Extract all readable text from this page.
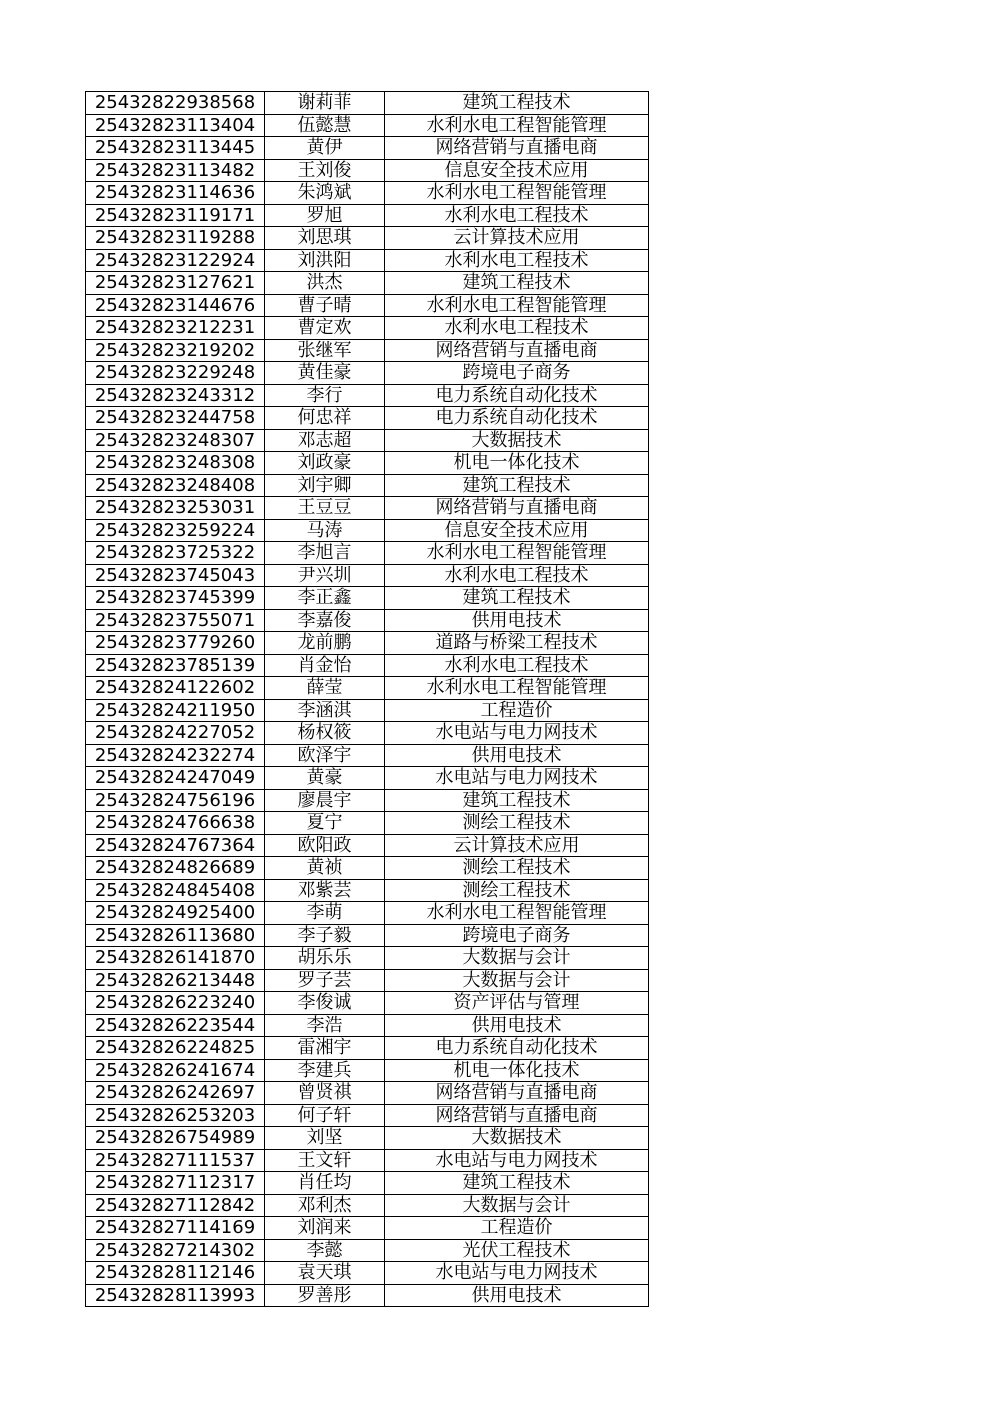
25432822938568	谢莉菲	建筑工程技术
25432823113404	伍懿慧	水利水电工程智能管理
25432823113445	黄伊	网络营销与直播电商
25432823113482	王刘俊	信息安全技术应用
25432823114636	朱鸿斌	水利水电工程智能管理
25432823119171	罗旭	水利水电工程技术
25432823119288	刘思琪	云计算技术应用
25432823122924	刘洪阳	水利水电工程技术
25432823127621	洪杰	建筑工程技术
25432823144676	曹子晴	水利水电工程智能管理
25432823212231	曹定欢	水利水电工程技术
25432823219202	张继军	网络营销与直播电商
25432823229248	黄佳豪	跨境电子商务
25432823243312	李行	电力系统自动化技术
25432823244758	何忠祥	电力系统自动化技术
25432823248307	邓志超	大数据技术
25432823248308	刘政豪	机电一体化技术
25432823248408	刘宇卿	建筑工程技术
25432823253031	王豆豆	网络营销与直播电商
25432823259224	马涛	信息安全技术应用
25432823725322	李旭言	水利水电工程智能管理
25432823745043	尹兴圳	水利水电工程技术
25432823745399	李正鑫	建筑工程技术
25432823755071	李嘉俊	供用电技术
25432823779260	龙前鹏	道路与桥梁工程技术
25432823785139	肖金怡	水利水电工程技术
25432824122602	薛莹	水利水电工程智能管理
25432824211950	李涵淇	工程造价
25432824227052	杨权筱	水电站与电力网技术
25432824232274	欧泽宇	供用电技术
25432824247049	黄豪	水电站与电力网技术
25432824756196	廖晨宇	建筑工程技术
25432824766638	夏宁	测绘工程技术
25432824767364	欧阳政	云计算技术应用
25432824826689	黄祯	测绘工程技术
25432824845408	邓紫芸	测绘工程技术
25432824925400	李萌	水利水电工程智能管理
25432826113680	李子毅	跨境电子商务
25432826141870	胡乐乐	大数据与会计
25432826213448	罗子芸	大数据与会计
25432826223240	李俊诚	资产评估与管理
25432826223544	李浩	供用电技术
25432826224825	雷湘宇	电力系统自动化技术
25432826241674	李建兵	机电一体化技术
25432826242697	曾贤祺	网络营销与直播电商
25432826253203	何子轩	网络营销与直播电商
25432826754989	刘坚	大数据技术
25432827111537	王文轩	水电站与电力网技术
25432827112317	肖任均	建筑工程技术
25432827112842	邓利杰	大数据与会计
25432827114169	刘润来	工程造价
25432827214302	李懿	光伏工程技术
25432828112146	袁天琪	水电站与电力网技术
25432828113993	罗善彤	供用电技术
